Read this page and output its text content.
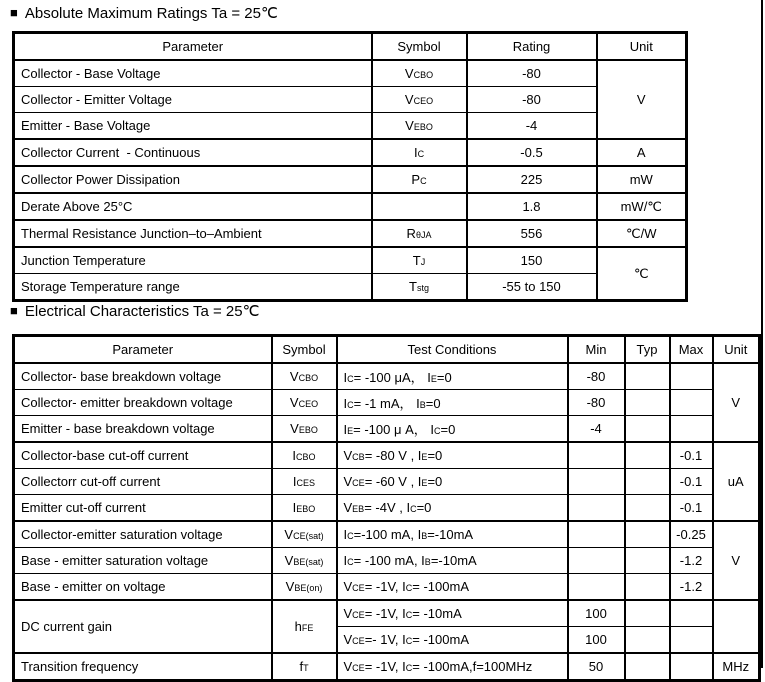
■ Absolute Maximum Ratings Ta = 25℃
Parameter	Symbol	Rating	Unit
Collector - Base Voltage	VCBO	-80	V
Collector - Emitter Voltage	VCEO	-80	
Emitter - Base Voltage	VEBO	-4	
Collector Current  - Continuous	IC	-0.5	A
Collector Power Dissipation	PC	225	mW
Derate Above 25°C		1.8	mW/℃
Thermal Resistance Junction–to–Ambient	RθJA	556	℃/W
Junction Temperature	TJ	150	℃
Storage Temperature range	Tstg	-55 to 150	
■ Electrical Characteristics Ta = 25℃
Parameter	Symbol	Test Conditions	Min	Typ	Max	Unit
Collector- base breakdown voltage	VCBO	IC= -100 μA， IE=0	-80			V
Collector- emitter breakdown voltage	VCEO	IC= -1 mA， IB=0	-80			
Emitter - base breakdown voltage	VEBO	IE= -100 μ A， IC=0	-4			
Collector-base cut-off current	ICBO	VCB= -80 V , IE=0			-0.1	uA
Collectorr cut-off current	ICES	VCE= -60 V , IE=0			-0.1	
Emitter cut-off current	IEBO	VEB= -4V , IC=0			-0.1	
Collector-emitter saturation voltage	VCE(sat)	IC=-100 mA, IB=-10mA			-0.25	V
Base - emitter saturation voltage	VBE(sat)	IC= -100 mA, IB=-10mA			-1.2	
Base - emitter on voltage	VBE(on)	VCE= -1V, IC= -100mA			-1.2	
DC current gain	hFE	VCE= -1V, IC= -10mA	100			
		VCE=- 1V, IC= -100mA	100			
Transition frequency	fT	VCE= -1V, IC= -100mA,f=100MHz	50			MHz
